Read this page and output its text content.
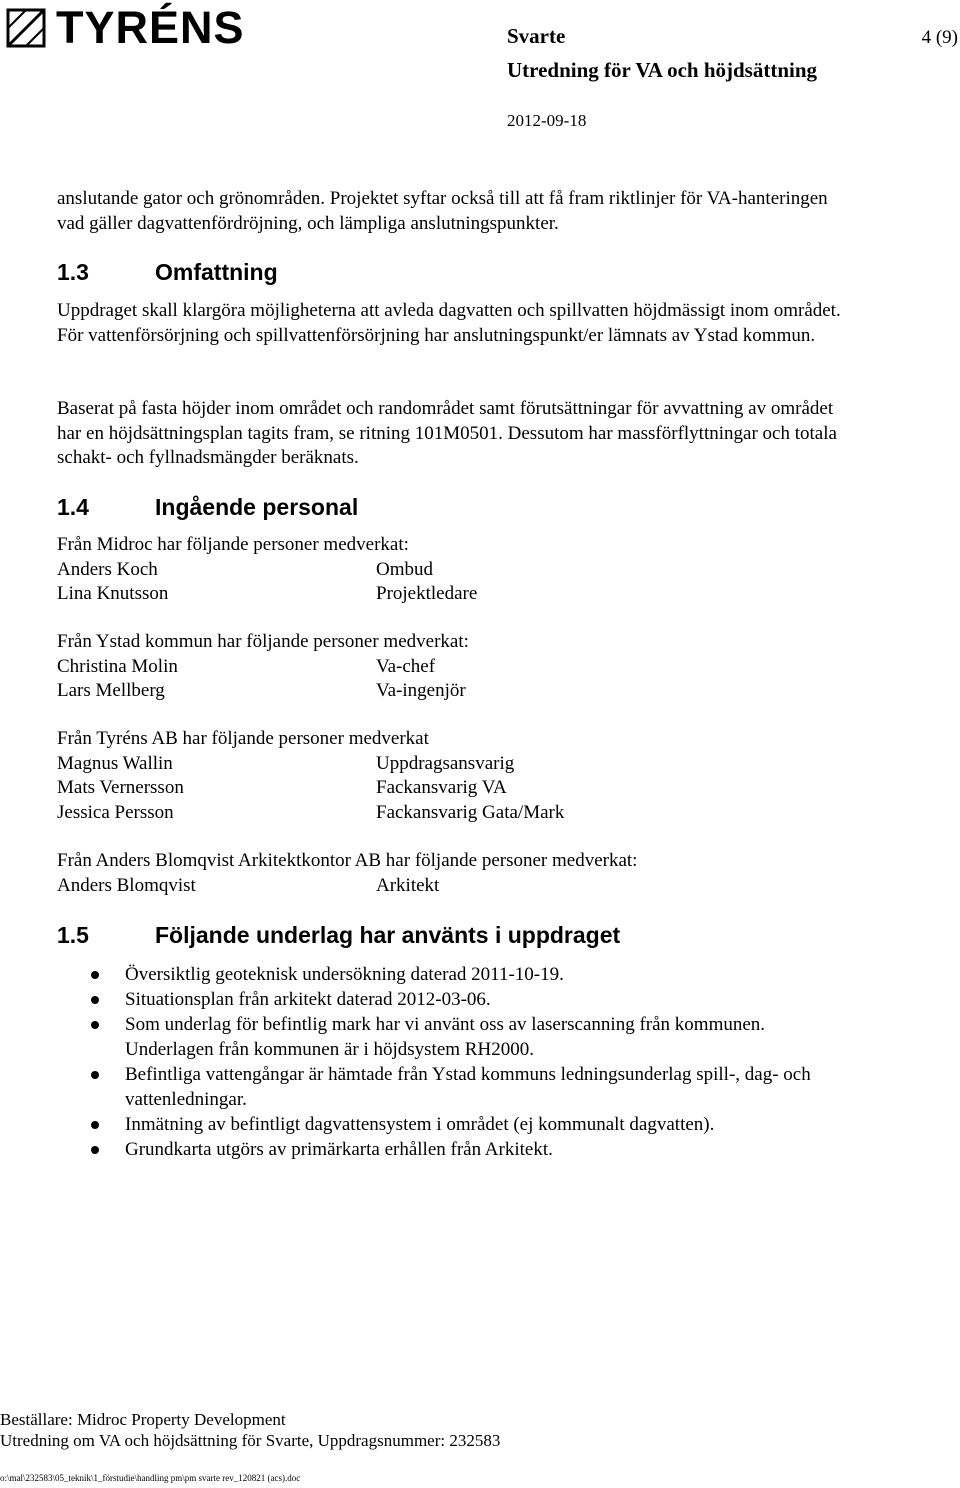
TYRÉNS	Svarte	4 (9)
Utredning för VA och höjdsättning
2012-09-18
anslutande gator och grönområden. Projektet syftar också till att få fram riktlinjer för VA-hanteringen vad gäller dagvattenfördröjning, och lämpliga anslutningspunkter.
1.3	Omfattning
Uppdraget skall klargöra möjligheterna att avleda dagvatten och spillvatten höjdmässigt inom området. För vattenförsörjning och spillvattenförsörjning har anslutningspunkt/er lämnats av Ystad kommun.
Baserat på fasta höjder inom området och randområdet samt förutsättningar för avvattning av området har en höjdsättningsplan tagits fram, se ritning 101M0501. Dessutom har massförflyttningar och totala schakt- och fyllnadsmängder beräknats.
1.4	Ingående personal
Från Midroc har följande personer medverkat:
Anders Koch	Ombud
Lina Knutsson	Projektledare
Från Ystad kommun har följande personer medverkat:
Christina Molin	Va-chef
Lars Mellberg	Va-ingenjör
Från Tyréns AB har följande personer medverkat
Magnus Wallin	Uppdragsansvarig
Mats Vernersson	Fackansvarig VA
Jessica Persson	Fackansvarig Gata/Mark
Från Anders Blomqvist Arkitektkontor AB har följande personer medverkat:
Anders Blomqvist	Arkitekt
1.5	Följande underlag har använts i uppdraget
Översiktlig geoteknisk undersökning daterad 2011-10-19.
Situationsplan från arkitekt daterad 2012-03-06.
Som underlag för befintlig mark har vi använt oss av laserscanning från kommunen. Underlagen från kommunen är i höjdsystem RH2000.
Befintliga vattengångar är hämtade från Ystad kommuns ledningsunderlag spill-, dag- och vattenledningar.
Inmätning av befintligt dagvattensystem i området (ej kommunalt dagvatten).
Grundkarta utgörs av primärkarta erhållen från Arkitekt.
Beställare: Midroc Property Development
Utredning om VA och höjdsättning för Svarte, Uppdragsnummer: 232583
o:\mal\232583\05_teknik\1_förstudie\handling pm\pm svarte rev_120821 (acs).doc
